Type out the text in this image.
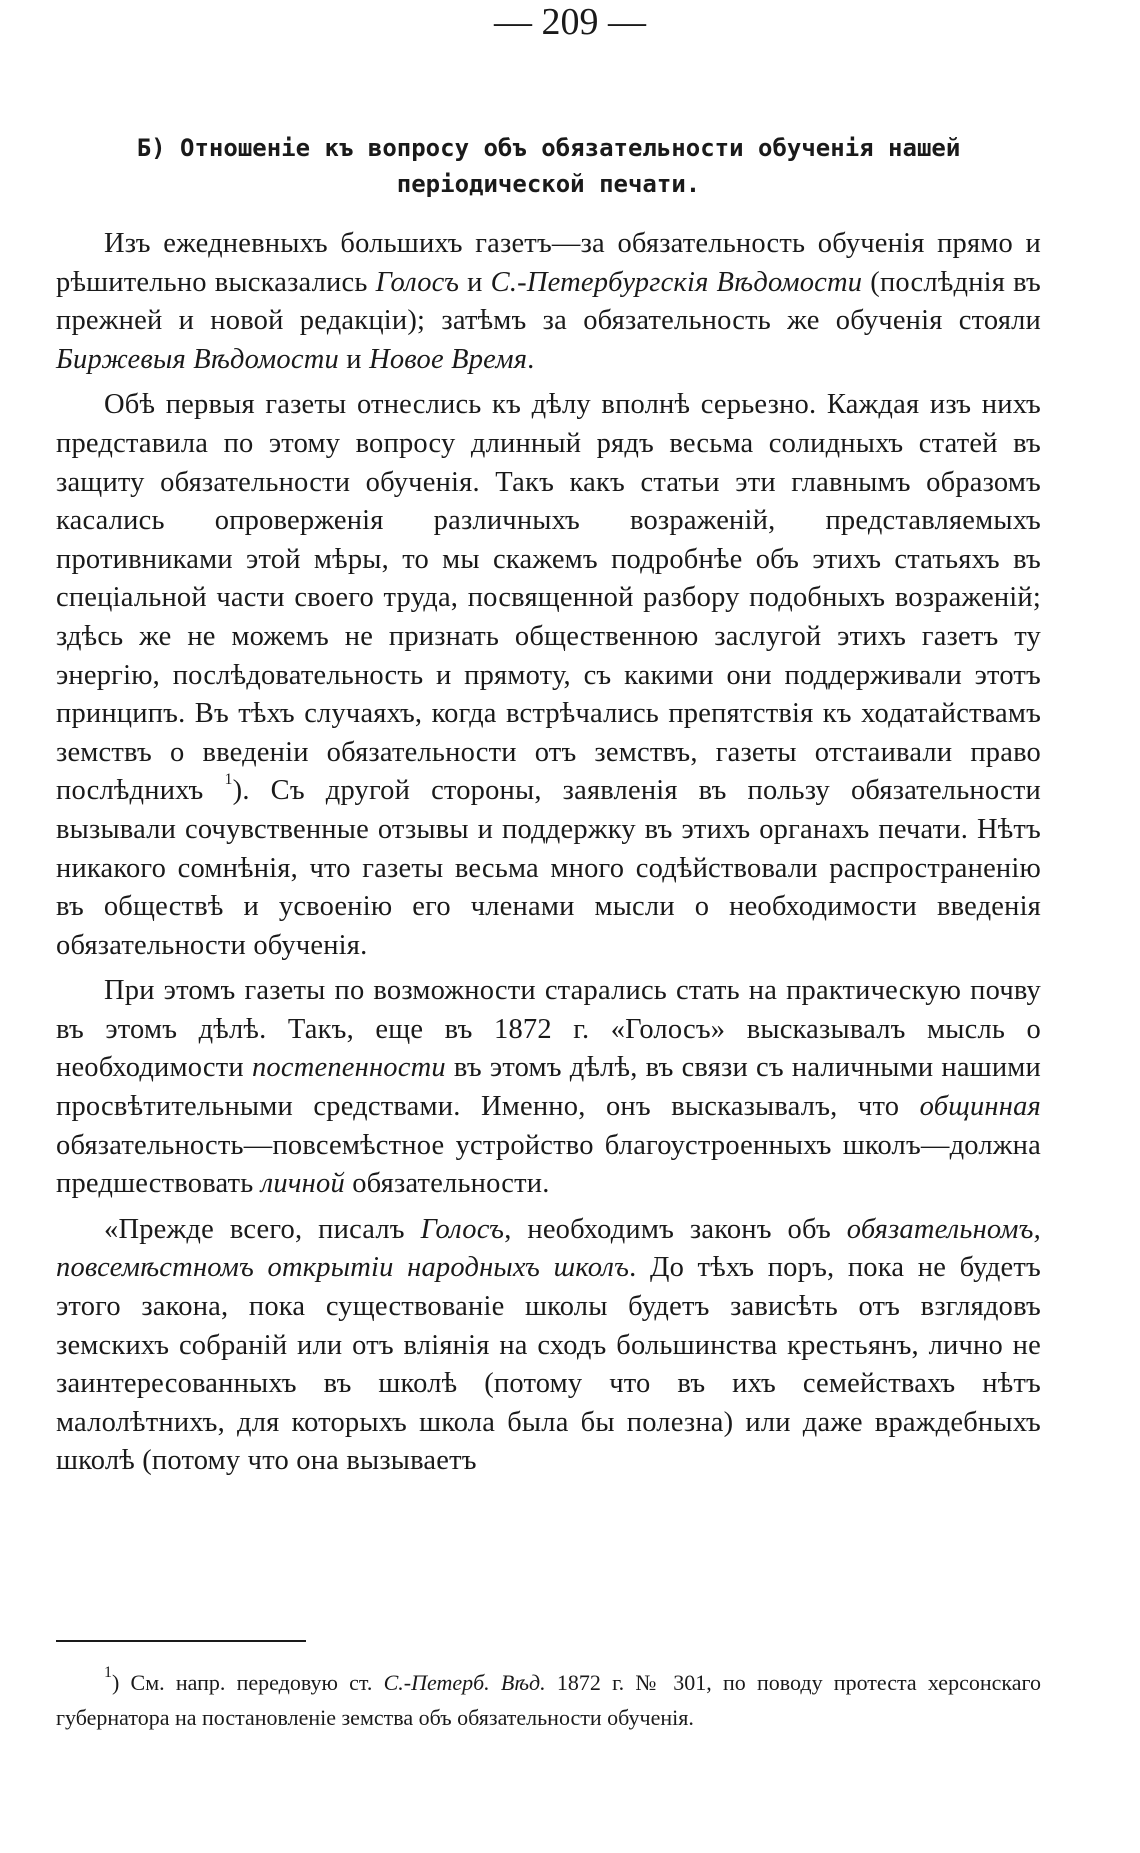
— 209 —
Б) Отношеніе къ вопросу объ обязательности обученія нашей періодической печати.

Изъ ежедневныхъ большихъ газетъ—за обязательность обученія прямо и рѣшительно высказались Голосъ и С.-Петербургскія Вѣдомости (послѣднія въ прежней и новой редакціи); затѣмъ за обязательность же обученія стояли Биржевыя Вѣдомости и Новое Время.

Обѣ первыя газеты отнеслись къ дѣлу вполнѣ серьезно. Каждая изъ нихъ представила по этому вопросу длинный рядъ весьма солидныхъ статей въ защиту обязательности обученія. Такъ какъ статьи эти главнымъ образомъ касались опроверженія различныхъ возраженій, представляемыхъ противниками этой мѣры, то мы скажемъ подробнѣе объ этихъ статьяхъ въ спеціальной части своего труда, посвященной разбору подобныхъ возраженій; здѣсь же не можемъ не признать общественною заслугой этихъ газетъ ту энергію, послѣдовательность и прямоту, съ какими они поддерживали этотъ принципъ. Въ тѣхъ случаяхъ, когда встрѣчались препятствія къ ходатайствамъ земствъ о введеніи обязательности отъ земствъ, газеты отстаивали право послѣднихъ $^1$). Съ другой стороны, заявленія въ пользу обязательности вызывали сочувственные отзывы и поддержку въ этихъ органахъ печати. Нѣтъ никакого сомнѣнія, что газеты весьма много содѣйствовали распространенію въ обществѣ и усвоенію его членами мысли о необходимости введенія обязательности обученія.

При этомъ газеты по возможности старались стать на практическую почву въ этомъ дѣлѣ. Такъ, еще въ 1872 г. «Голосъ» высказывалъ мысль о необходимости постепенности въ этомъ дѣлѣ, въ связи съ наличными нашими просвѣтительными средствами. Именно, онъ высказывалъ, что общинная обязательность—повсемѣстное устройство благоустроенныхъ школъ—должна предшествовать личной обязательности.

«Прежде всего, писалъ Голосъ, необходимъ законъ объ обязательномъ, повсемѣстномъ открытіи народныхъ школъ. До тѣхъ поръ, пока не будетъ этого закона, пока существованіе школы будетъ зависѣть отъ взглядовъ земскихъ собраній или отъ вліянія на сходъ большинства крестьянъ, лично не заинтересованныхъ въ школѣ (потому что въ ихъ семействахъ нѣтъ малолѣтнихъ, для которыхъ школа была бы полезна) или даже враждебныхъ школѣ (потому что она вызываетъ

$^1$) См. напр. передовую ст. С.-Петерб. Вѣд. 1872 г. № 301, по поводу протеста херсонскаго губернатора на постановленіе земства объ обязательности обученія.
